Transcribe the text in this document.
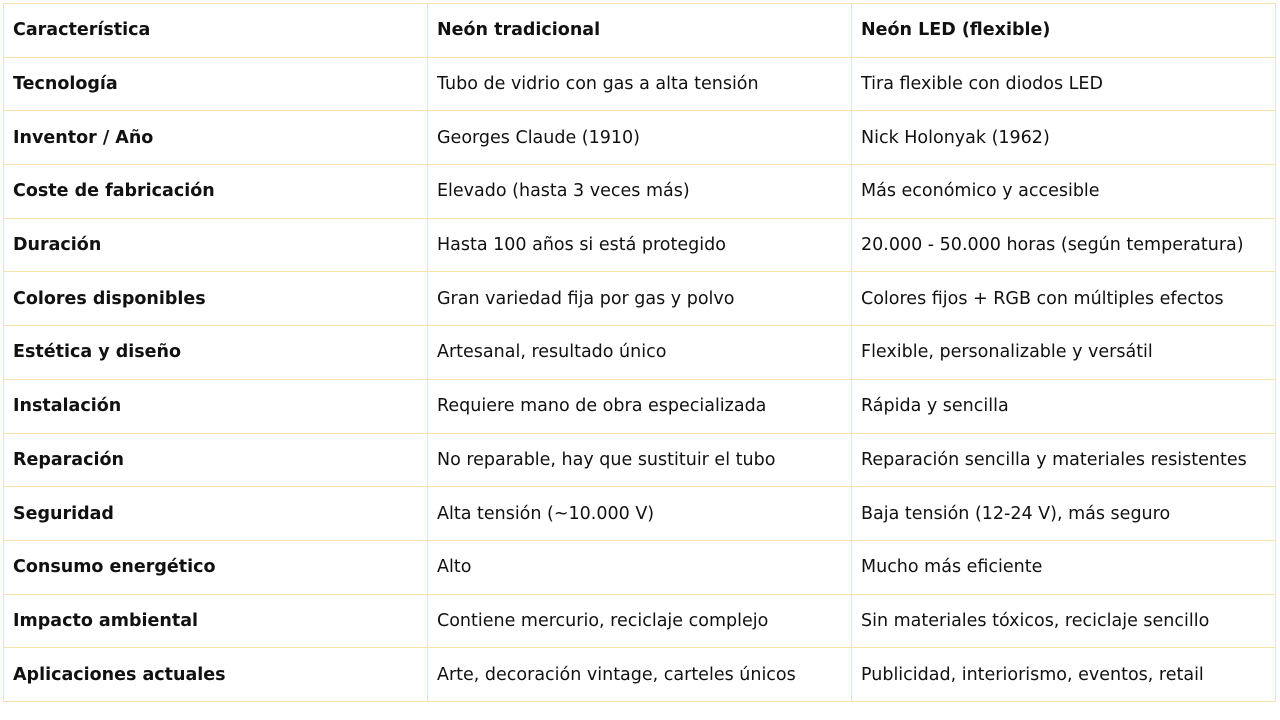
Característica	Neón tradicional	Neón LED (flexible)
Tecnología	Tubo de vidrio con gas a alta tensión	Tira flexible con diodos LED
Inventor / Año	Georges Claude (1910)	Nick Holonyak (1962)
Coste de fabricación	Elevado (hasta 3 veces más)	Más económico y accesible
Duración	Hasta 100 años si está protegido	20.000 - 50.000 horas (según temperatura)
Colores disponibles	Gran variedad fija por gas y polvo	Colores fijos + RGB con múltiples efectos
Estética y diseño	Artesanal, resultado único	Flexible, personalizable y versátil
Instalación	Requiere mano de obra especializada	Rápida y sencilla
Reparación	No reparable, hay que sustituir el tubo	Reparación sencilla y materiales resistentes
Seguridad	Alta tensión (~10.000 V)	Baja tensión (12-24 V), más seguro
Consumo energético	Alto	Mucho más eficiente
Impacto ambiental	Contiene mercurio, reciclaje complejo	Sin materiales tóxicos, reciclaje sencillo
Aplicaciones actuales	Arte, decoración vintage, carteles únicos	Publicidad, interiorismo, eventos, retail
